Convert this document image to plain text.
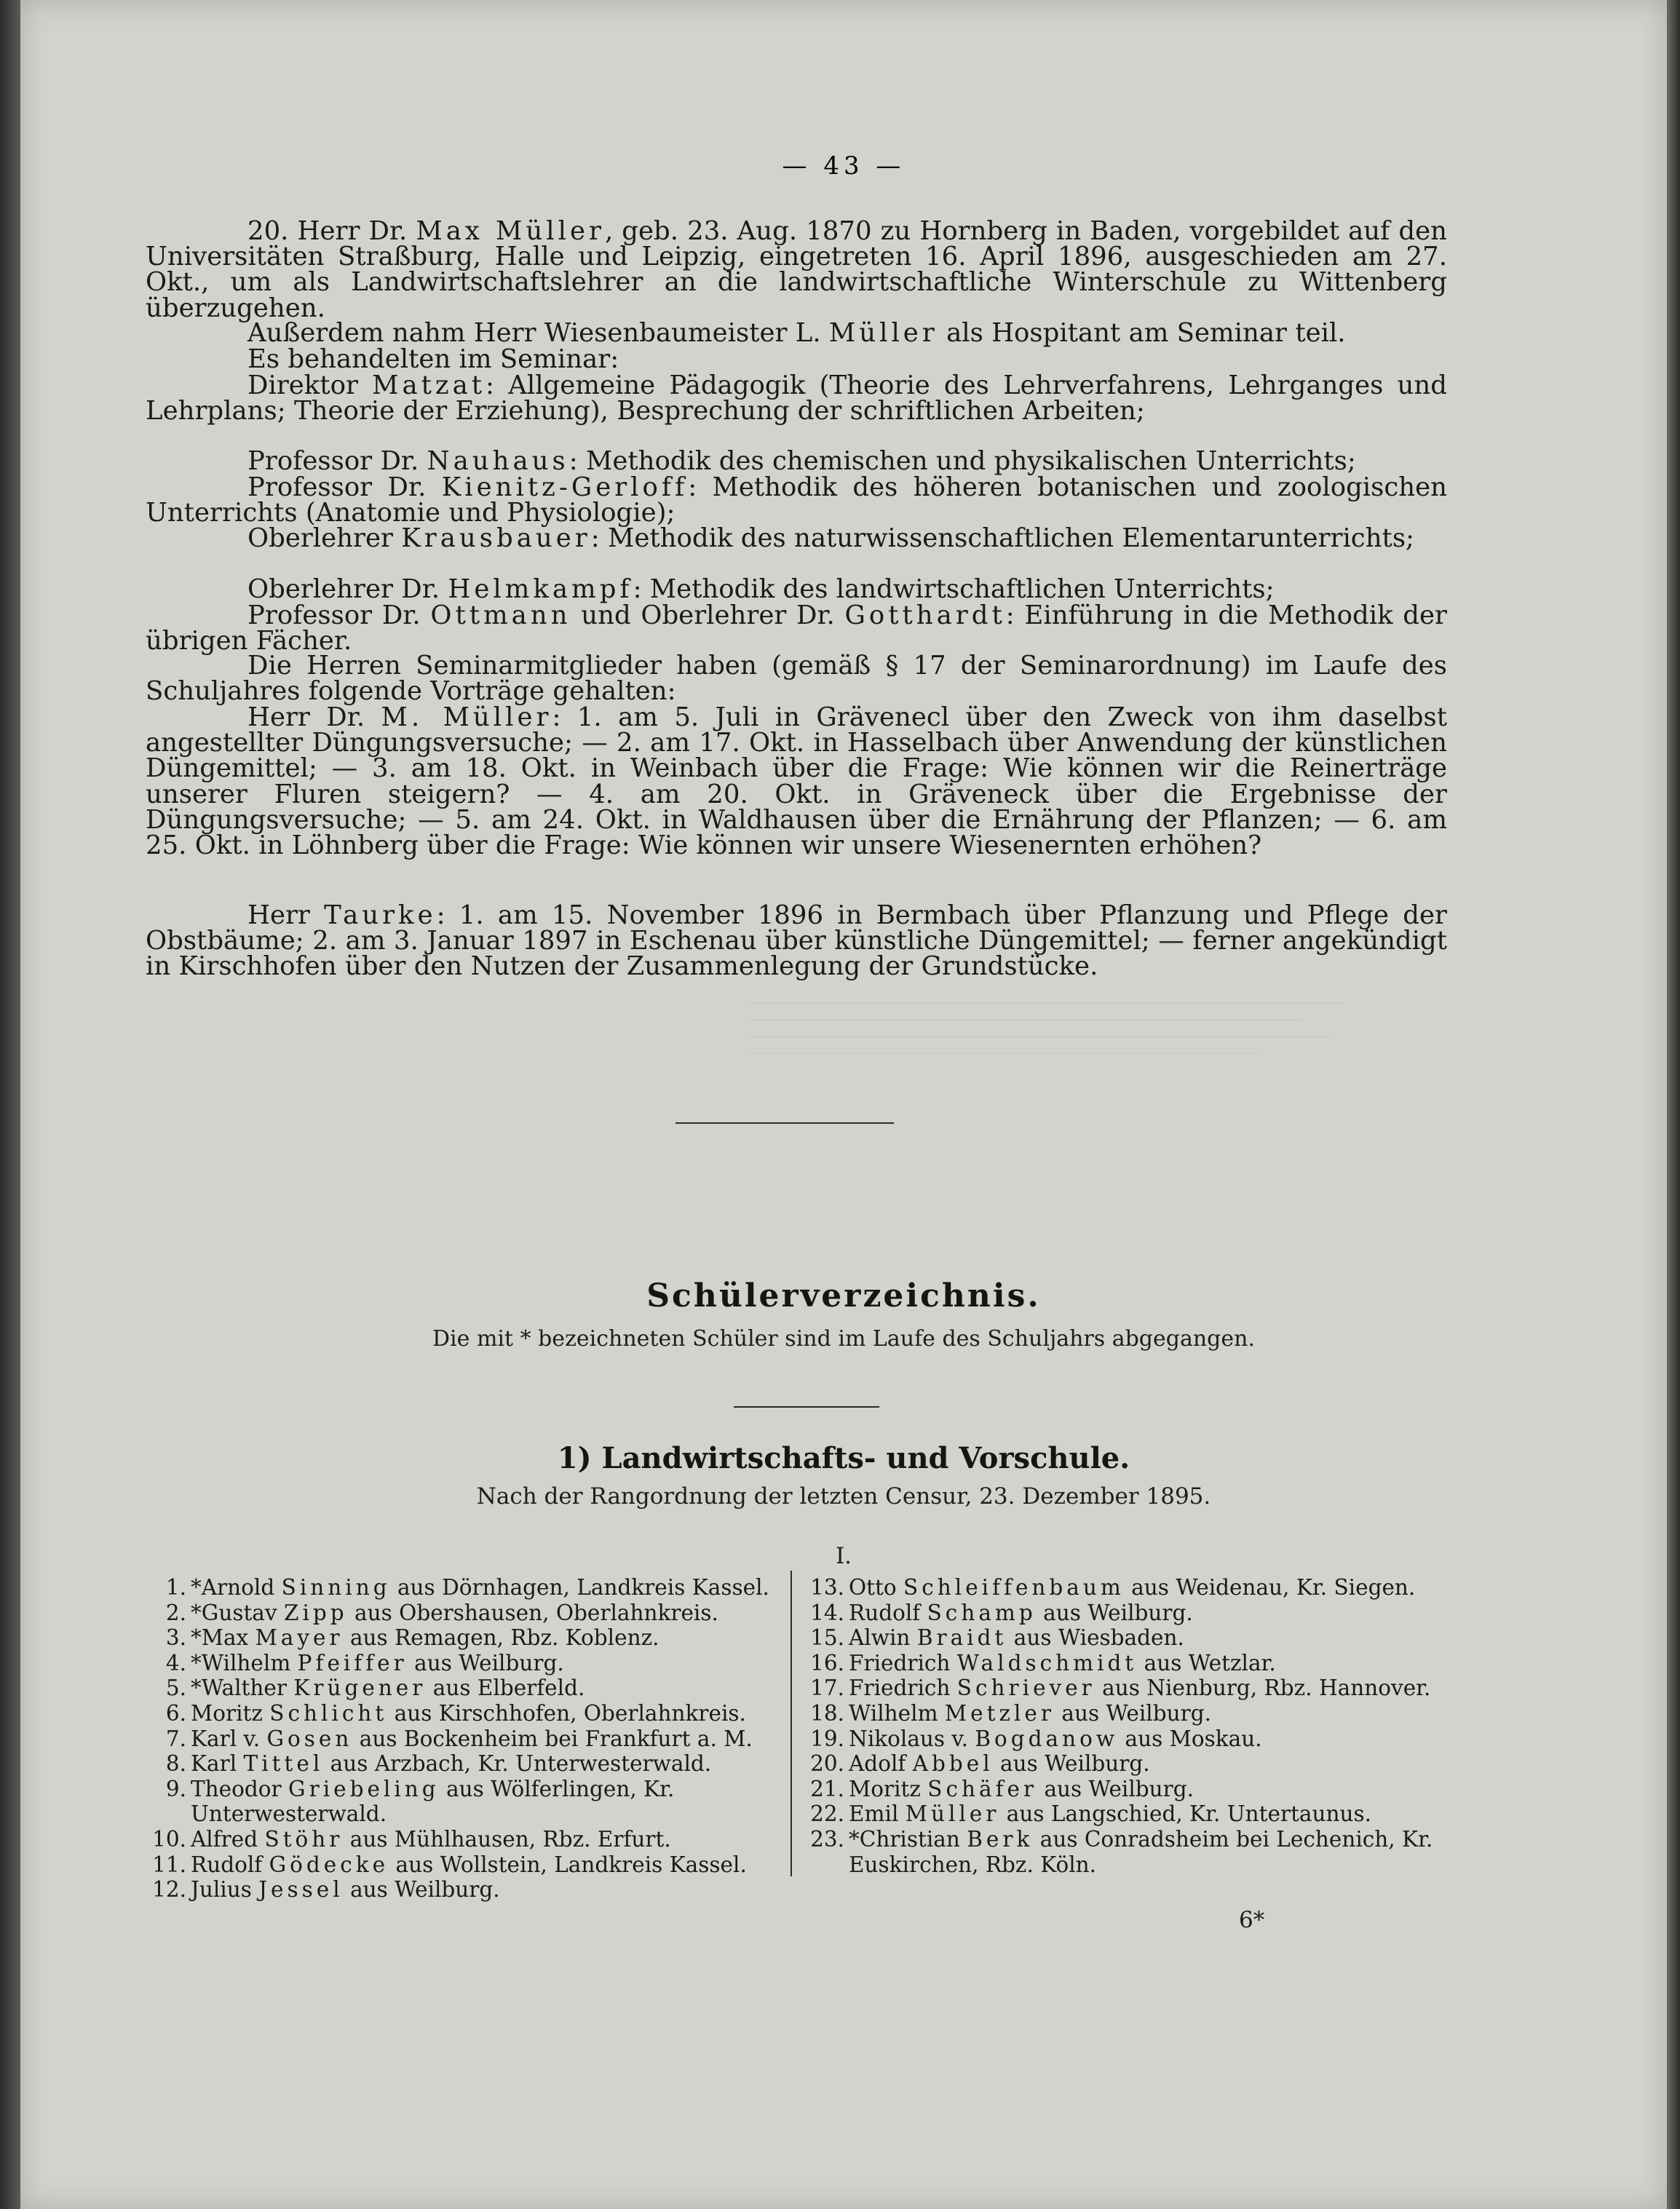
— 43 —

20. Herr Dr. Max Müller, geb. 23. Aug. 1870 zu Hornberg in Baden, vorgebildet auf den Universitäten Straßburg, Halle und Leipzig, eingetreten 16. April 1896, ausgeschieden am 27. Okt., um als Landwirtschaftslehrer an die landwirtschaftliche Winterschule zu Wittenberg überzugehen.

Außerdem nahm Herr Wiesenbaumeister L. Müller als Hospitant am Seminar teil.

Es behandelten im Seminar:

Direktor Matzat: Allgemeine Pädagogik (Theorie des Lehrverfahrens, Lehrganges und Lehrplans; Theorie der Erziehung), Besprechung der schriftlichen Arbeiten;

Professor Dr. Nauhaus: Methodik des chemischen und physikalischen Unterrichts;

Professor Dr. Kienitz-Gerloff: Methodik des höheren botanischen und zoologischen Unterrichts (Anatomie und Physiologie);

Oberlehrer Krausbauer: Methodik des naturwissenschaftlichen Elementarunterrichts;

Oberlehrer Dr. Helmkampf: Methodik des landwirtschaftlichen Unterrichts;

Professor Dr. Ottmann und Oberlehrer Dr. Gotthardt: Einführung in die Methodik der übrigen Fächer.

Die Herren Seminarmitglieder haben (gemäß § 17 der Seminarordnung) im Laufe des Schuljahres folgende Vorträge gehalten:

Herr Dr. M. Müller: 1. am 5. Juli in Grävenecl über den Zweck von ihm daselbst angestellter Düngungsversuche; — 2. am 17. Okt. in Hasselbach über Anwendung der künstlichen Düngemittel; — 3. am 18. Okt. in Weinbach über die Frage: Wie können wir die Reinerträge unserer Fluren steigern? — 4. am 20. Okt. in Gräveneck über die Ergebnisse der Düngungsversuche; — 5. am 24. Okt. in Waldhausen über die Ernährung der Pflanzen; — 6. am 25. Okt. in Löhnberg über die Frage: Wie können wir unsere Wiesenernten erhöhen?

Herr Taurke: 1. am 15. November 1896 in Bermbach über Pflanzung und Pflege der Obstbäume; 2. am 3. Januar 1897 in Eschenau über künstliche Düngemittel; — ferner angekündigt in Kirschhofen über den Nutzen der Zusammenlegung der Grundstücke.

Schülerverzeichnis.
Die mit * bezeichneten Schüler sind im Laufe des Schuljahrs abgegangen.
1) Landwirtschafts- und Vorschule.
Nach der Rangordnung der letzten Censur, 23. Dezember 1895.
I.
1. *Arnold Sinning aus Dörnhagen, Landkreis Kassel.
2. *Gustav Zipp aus Obershausen, Oberlahnkreis.
3. *Max Mayer aus Remagen, Rbz. Koblenz.
4. *Wilhelm Pfeiffer aus Weilburg.
5. *Walther Krügener aus Elberfeld.
6. Moritz Schlicht aus Kirschhofen, Oberlahnkreis.
7. Karl v. Gosen aus Bockenheim bei Frankfurt a. M.
8. Karl Tittel aus Arzbach, Kr. Unterwesterwald.
9. Theodor Griebeling aus Wölferlingen, Kr. Unterwesterwald.
10. Alfred Stöhr aus Mühlhausen, Rbz. Erfurt.
11. Rudolf Gödecke aus Wollstein, Landkreis Kassel.
12. Julius Jessel aus Weilburg.
13. Otto Schleiffenbaum aus Weidenau, Kr. Siegen.
14. Rudolf Schamp aus Weilburg.
15. Alwin Braidt aus Wiesbaden.
16. Friedrich Waldschmidt aus Wetzlar.
17. Friedrich Schriever aus Nienburg, Rbz. Hannover.
18. Wilhelm Metzler aus Weilburg.
19. Nikolaus v. Bogdanow aus Moskau.
20. Adolf Abbel aus Weilburg.
21. Moritz Schäfer aus Weilburg.
22. Emil Müller aus Langschied, Kr. Untertaunus.
23. *Christian Berk aus Conradsheim bei Lechenich, Kr. Euskirchen, Rbz. Köln.
6*
